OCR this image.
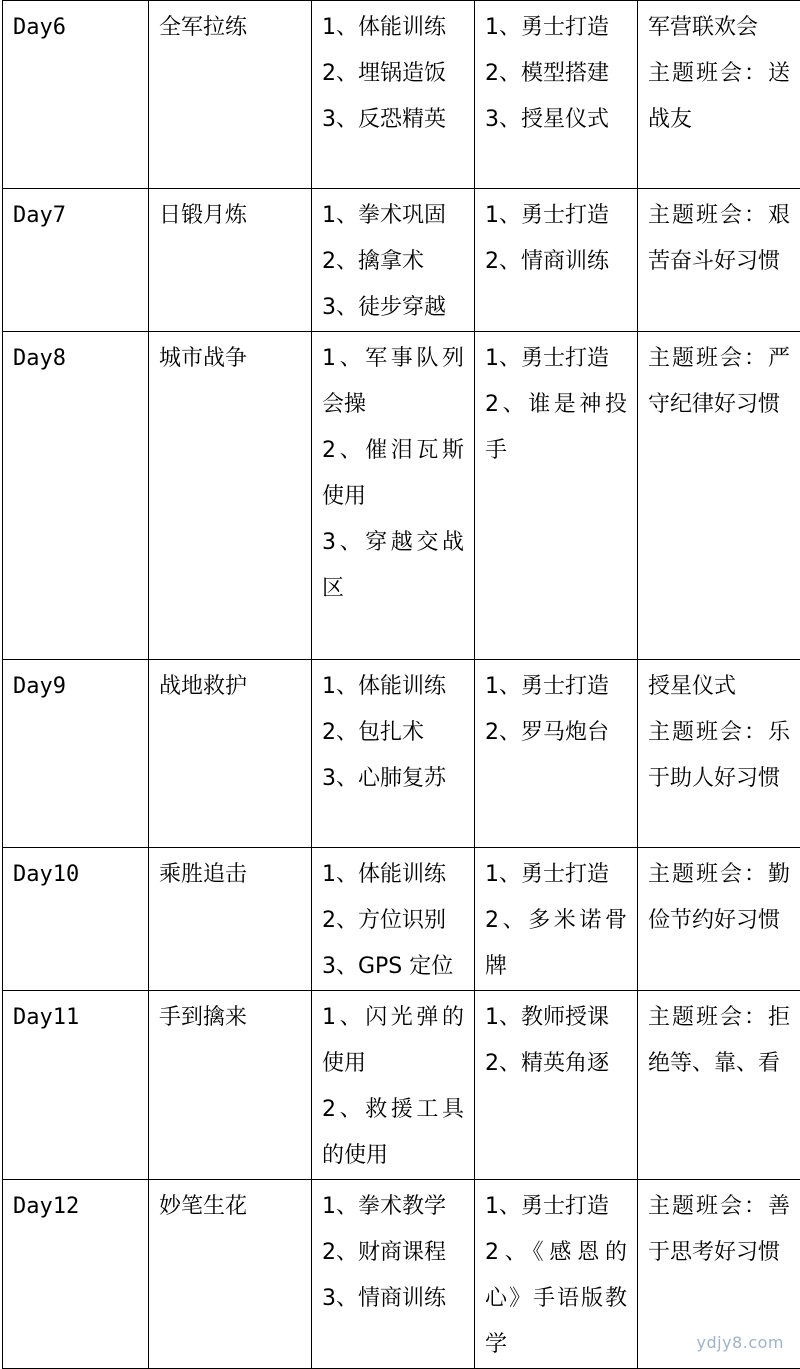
Day6	全军拉练	1、体能训练
2、埋锅造饭
3、反恐精英	1、勇士打造
2、模型搭建
3、授星仪式	军营联欢会
主题班会：送战友

Day7	日锻月炼	1、拳术巩固
2、擒拿术
3、徒步穿越	1、勇士打造
2、情商训练	主题班会：艰苦奋斗好习惯

Day8	城市战争	1、军事队列会操
2、催泪瓦斯使用
3、穿越交战区	1、勇士打造
2、谁是神投手	主题班会：严守纪律好习惯

Day9	战地救护	1、体能训练
2、包扎术
3、心肺复苏	1、勇士打造
2、罗马炮台	授星仪式
主题班会：乐于助人好习惯

Day10	乘胜追击	1、体能训练
2、方位识别
3、GPS 定位	1、勇士打造
2、多米诺骨牌	主题班会：勤俭节约好习惯

Day11	手到擒来	1、闪光弹的使用
2、救援工具的使用	1、教师授课
2、精英角逐	主题班会：拒绝等、靠、看

Day12	妙笔生花	1、拳术教学
2、财商课程
3、情商训练	1、勇士打造
2、《感恩的心》手语版教学	主题班会：善于思考好习惯
ydjy8.com
